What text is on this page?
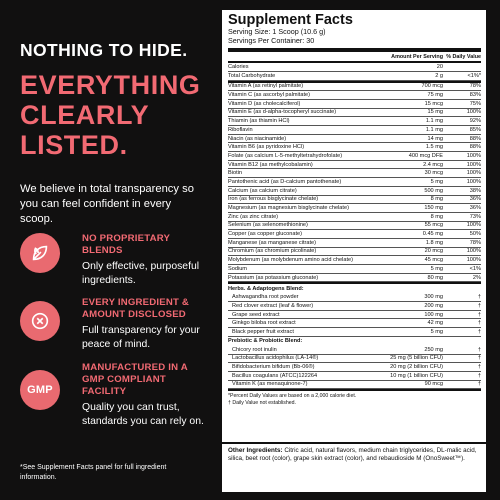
NOTHING TO HIDE.
EVERYTHING
CLEARLY
LISTED.
We believe in total transparency so you can feel confident in every scoop.
NO PROPRIETARY BLENDS
Only effective, purposeful ingredients.
EVERY INGREDIENT & AMOUNT DISCLOSED
Full transparency for your peace of mind.
GMP
MANUFACTURED IN A GMP COMPLIANT FACILITY
Quality you can trust, standards you can rely on.
*See Supplement Facts panel for full ingredient information.
Supplement Facts
Serving Size: 1 Scoop (10.6 g)
Servings Per Container: 30
Amount Per Serving % Daily Value
Calories	20
Total Carbohydrate	2 g	<1%*
Vitamin A (as retinyl palmitate)	700 mcg	78%
Vitamin C (as ascorbyl palmitate)	75 mg	83%
Vitamin D (as cholecalciferol)	15 mcg	75%
Vitamin E (as d-alpha-tocopheryl succinate)	15 mg	100%
Thiamin (as thiamin HCl)	1.1 mg	92%
Riboflavin	1.1 mg	85%
Niacin (as niacinamide)	14 mg	88%
Vitamin B6 (as pyridoxine HCl)	1.5 mg	88%
Folate (as calcium L-5-methyltetrahydrofolate)	400 mcg DFE	100%
Vitamin B12 (as methylcobalamin)	2.4 mcg	100%
Biotin	30 mcg	100%
Pantothenic acid (as D-calcium pantothenate)	5 mg	100%
Calcium (as calcium citrate)	500 mg	38%
Iron (as ferrous bisglycinate chelate)	8 mg	36%
Magnesium (as magnesium bisglycinate chelate)	150 mg	36%
Zinc (as zinc citrate)	8 mg	73%
Selenium (as selenomethionine)	55 mcg	100%
Copper (as copper gluconate)	0.45 mg	50%
Manganese (as manganese citrate)	1.8 mg	78%
Chromium (as chromium picolinate)	20 mcg	100%
Molybdenum (as molybdenum amino acid chelate)	45 mcg	100%
Sodium	5 mg	<1%
Potassium (as potassium gluconate)	80 mg	2%
Herbs. & Adaptogens Blend:
Ashwagandha root powder	300 mg	†
Red clover extract (leaf & flower)	200 mg	†
Grape seed extract	100 mg	†
Ginkgo biloba root extract	42 mg	†
Black pepper fruit extract	5 mg	†
Prebiotic & Probiotic Blend:
Chicory root inulin	250 mg	†
Lactobacillus acidophilus (LA-14®)	25 mg (5 billion CFU)	†
Bifidobacterium bifidum (Bb-06®)	20 mg (2 billion CFU)	†
Bacillus coagulans (ATCC)122264	10 mg (1 billion CFU)	†
Vitamin K (as menaquinone-7)	90 mcg	†
*Percent Daily Values are based on a 2,000 calorie diet.
† Daily Value not established.
Other Ingredients: Citric acid, natural flavors, medium chain triglycerides, DL-malic acid, silica, beet root (color), grape skin extract (color), and rebaudioside M (OnoSweet™).
